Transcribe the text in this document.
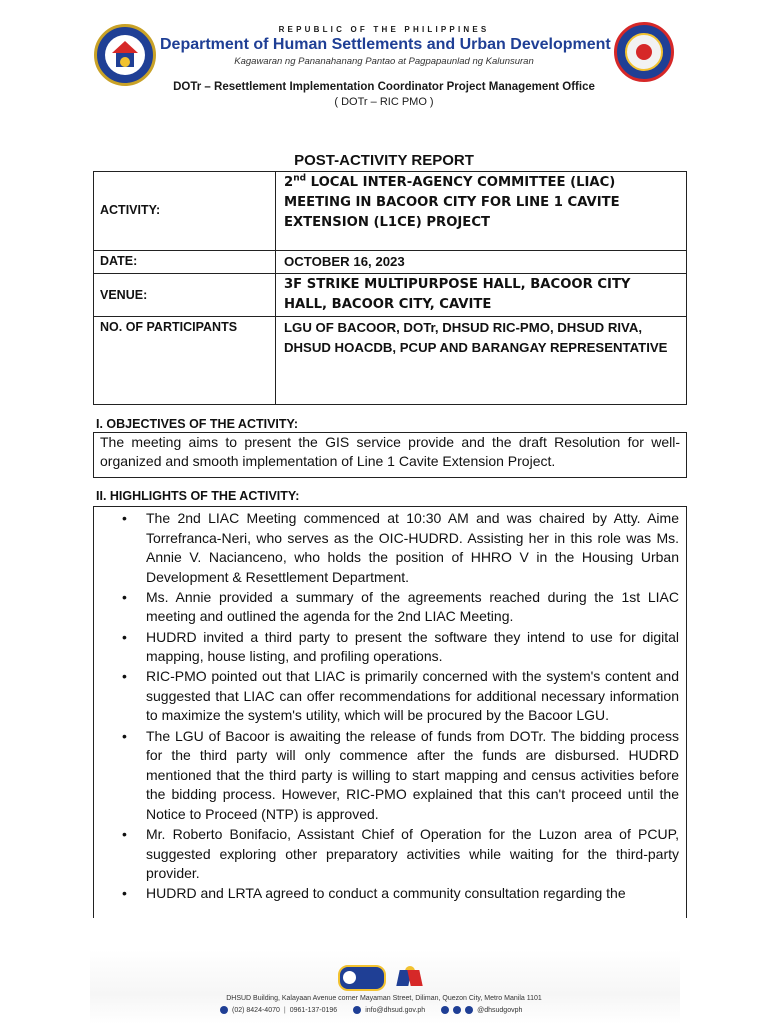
REPUBLIC OF THE PHILIPPINES
Department of Human Settlements and Urban Development
Kagawaran ng Pananahanang Pantao at Pagpapaunlad ng Kalunsuran
DOTr – Resettlement Implementation Coordinator Project Management Office
( DOTr – RIC PMO )
POST-ACTIVITY REPORT
ACTIVITY:	2nd LOCAL INTER-AGENCY COMMITTEE (LIAC) MEETING IN BACOOR CITY FOR LINE 1 CAVITE EXTENSION (L1CE) PROJECT
DATE:	OCTOBER 16, 2023
VENUE:	3F STRIKE MULTIPURPOSE HALL, BACOOR CITY HALL, BACOOR CITY, CAVITE
NO. OF PARTICIPANTS	LGU OF BACOOR, DOTr, DHSUD RIC-PMO, DHSUD RIVA, DHSUD HOACDB, PCUP AND BARANGAY REPRESENTATIVE
I. OBJECTIVES OF THE ACTIVITY:
The meeting aims to present the GIS service provide and the draft Resolution for well-organized and smooth implementation of Line 1 Cavite Extension Project.
II. HIGHLIGHTS OF THE ACTIVITY:
• The 2nd LIAC Meeting commenced at 10:30 AM and was chaired by Atty. Aime Torrefranca-Neri, who serves as the OIC-HUDRD. Assisting her in this role was Ms. Annie V. Nacianceno, who holds the position of HHRO V in the Housing Urban Development & Resettlement Department.
• Ms. Annie provided a summary of the agreements reached during the 1st LIAC meeting and outlined the agenda for the 2nd LIAC Meeting.
• HUDRD invited a third party to present the software they intend to use for digital mapping, house listing, and profiling operations.
• RIC-PMO pointed out that LIAC is primarily concerned with the system's content and suggested that LIAC can offer recommendations for additional necessary information to maximize the system's utility, which will be procured by the Bacoor LGU.
• The LGU of Bacoor is awaiting the release of funds from DOTr. The bidding process for the third party will only commence after the funds are disbursed. HUDRD mentioned that the third party is willing to start mapping and census activities before the bidding process. However, RIC-PMO explained that this can't proceed until the Notice to Proceed (NTP) is approved.
• Mr. Roberto Bonifacio, Assistant Chief of Operation for the Luzon area of PCUP, suggested exploring other preparatory activities while waiting for the third-party provider.
• HUDRD and LRTA agreed to conduct a community consultation regarding the
DHSUD Building, Kalayaan Avenue corner Mayaman Street, Diliman, Quezon City, Metro Manila 1101
(02) 8424-4070 | 0961-137-0196	info@dhsud.gov.ph	@dhsudgovph
